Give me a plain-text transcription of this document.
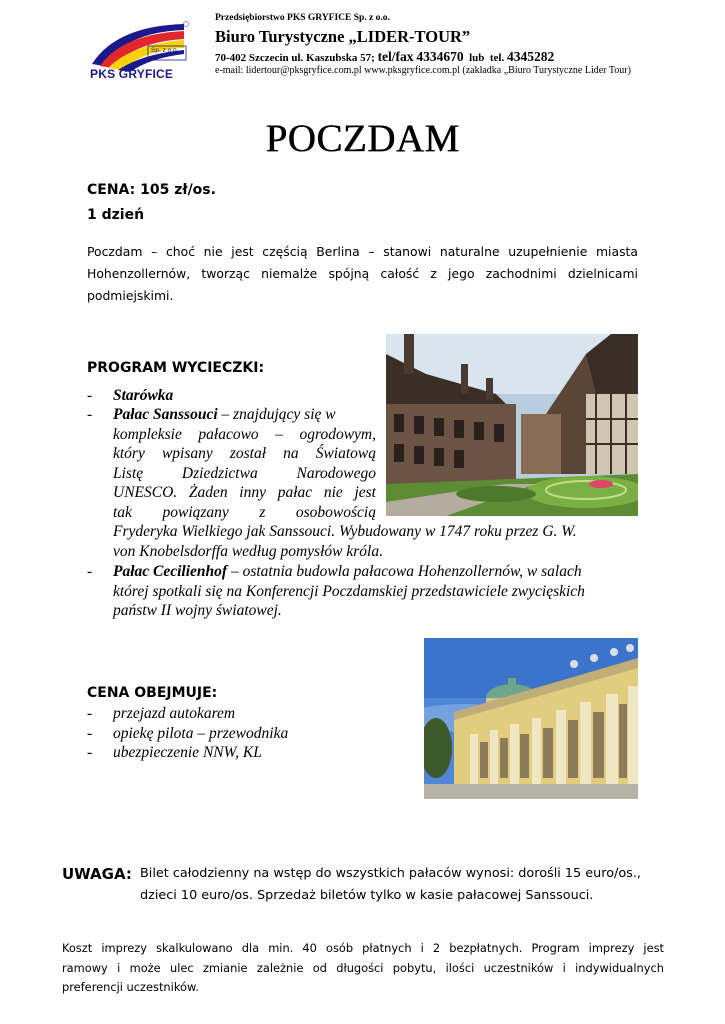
Sp. z o.o.
PKS GRYFICE
Przedsiębiorstwo PKS GRYFICE Sp. z o.o.
Biuro Turystyczne „LIDER-TOUR”
70-402 Szczecin ul. Kaszubska 57; tel/fax 4334670 lub tel. 4345282
e-mail: lidertour@pksgryfice.com.pl www.pksgryfice.com.pl (zakładka „Biuro Turystyczne Lider Tour)
POCZDAM
CENA: 105 zł/os.
1 dzień
Poczdam – choć nie jest częścią Berlina – stanowi naturalne uzupełnienie miasta Hohenzollernów, tworząc niemalże spójną całość z jego zachodnimi dzielnicami podmiejskimi.
PROGRAM WYCIECZKI:
- Starówka
- Pałac Sanssouci – znajdujący się w
kompleksie pałacowo – ogrodowym,
który wpisany został na Światową
Listę Dziedzictwa Narodowego
UNESCO. Żaden inny pałac nie jest
tak powiązany z osobowością
Fryderyka Wielkiego jak Sanssouci. Wybudowany w 1747 roku przez G. W.
von Knobelsdorffa według pomysłów króla.
- Pałac Cecilienhof – ostatnia budowla pałacowa Hohenzollernów, w salach
której spotkali się na Konferencji Poczdamskiej przedstawiciele zwycięskich
państw II wojny światowej.
CENA OBEJMUJE:
- przejazd autokarem
- opiekę pilota – przewodnika
- ubezpieczenie NNW, KL
UWAGA: Bilet całodzienny na wstęp do wszystkich pałaców wynosi: dorośli 15 euro/os.,
dzieci 10 euro/os. Sprzedaż biletów tylko w kasie pałacowej Sanssouci.
Koszt imprezy skalkulowano dla min. 40 osób płatnych i 2 bezpłatnych. Program imprezy jest
ramowy i może ulec zmianie zależnie od długości pobytu, ilości uczestników i indywidualnych
preferencji uczestników.
